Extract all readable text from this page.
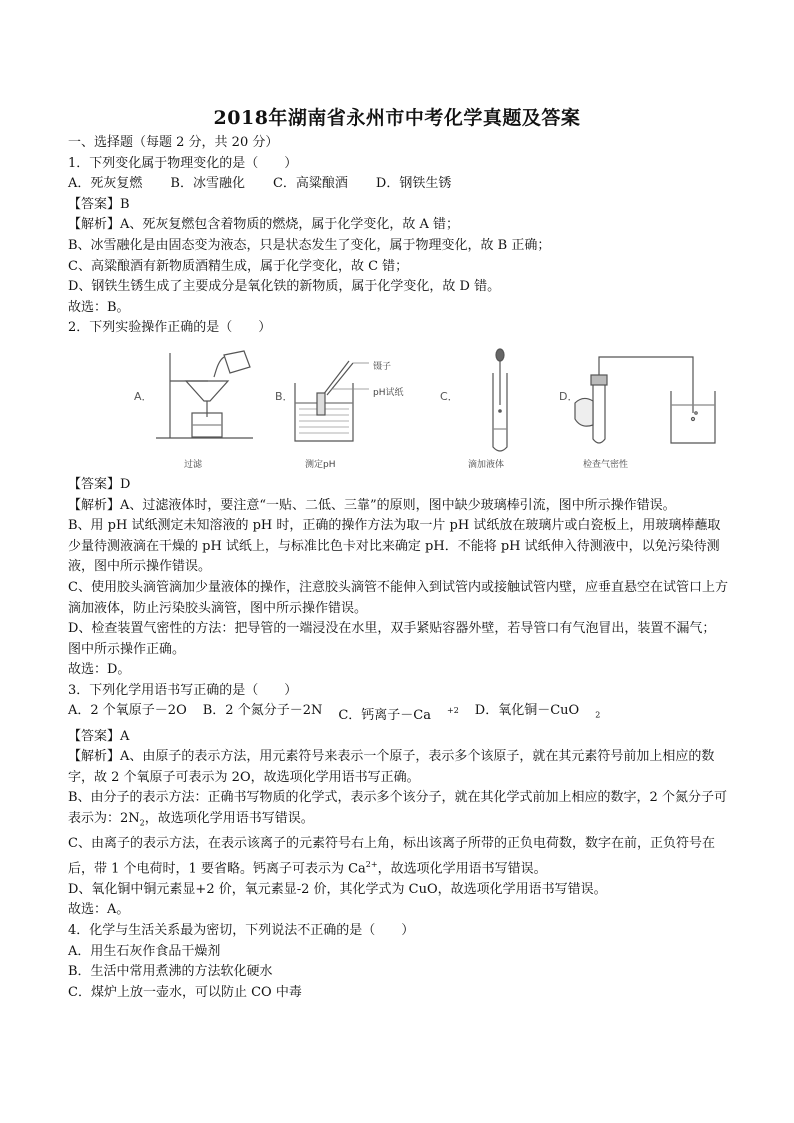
2018年湖南省永州市中考化学真题及答案

一、选择题（每题 2 分，共 20 分）

1．下列变化属于物理变化的是（　　）

A．死灰复燃 B．冰雪融化 C．高粱酿酒 D．钢铁生锈

【答案】B

【解析】A、死灰复燃包含着物质的燃烧，属于化学变化，故 A 错；

B、冰雪融化是由固态变为液态，只是状态发生了变化，属于物理变化，故 B 正确；

C、高粱酿酒有新物质酒精生成，属于化学变化，故 C 错；

D、钢铁生锈生成了主要成分是氧化铁的新物质，属于化学变化，故 D 错。

故选：B。

2．下列实验操作正确的是（　　）

A．
过滤
B．
镊子
pH试纸
测定pH
C．
滴加液体
D．
检查气密性

【答案】D

【解析】A、过滤液体时，要注意“一贴、二低、三靠”的原则，图中缺少玻璃棒引流，图中所示操作错误。

B、用 pH 试纸测定未知溶液的 pH 时，正确的操作方法为取一片 pH 试纸放在玻璃片或白瓷板上，用玻璃棒蘸取少量待测液滴在干燥的 pH 试纸上，与标准比色卡对比来确定 pH．不能将 pH 试纸伸入待测液中，以免污染待测液，图中所示操作错误。

C、使用胶头滴管滴加少量液体的操作，注意胶头滴管不能伸入到试管内或接触试管内壁，应垂直悬空在试管口上方滴加液体，防止污染胶头滴管，图中所示操作错误。

D、检查装置气密性的方法：把导管的一端浸没在水里，双手紧贴容器外壁，若导管口有气泡冒出，装置不漏气；图中所示操作正确。

故选：D。

3．下列化学用语书写正确的是（　　）

A．2 个氧原子－2O B．2 个氮分子－2N C．钙离子－Ca $^{+2}$ D．氧化铜－CuO $_2$

【答案】A

【解析】A、由原子的表示方法，用元素符号来表示一个原子，表示多个该原子，就在其元素符号前加上相应的数字，故 2 个氧原子可表示为 2O，故选项化学用语书写正确。

B、由分子的表示方法：正确书写物质的化学式，表示多个该分子，就在其化学式前加上相应的数字，2 个氮分子可表示为：$2N_2$，故选项化学用语书写错误。

C、由离子的表示方法，在表示该离子的元素符号右上角，标出该离子所带的正负电荷数，数字在前，正负符号在后，带 1 个电荷时，1 要省略。钙离子可表示为 $Ca^{2+}$，故选项化学用语书写错误。

D、氧化铜中铜元素显+2 价，氧元素显-2 价，其化学式为 CuO，故选项化学用语书写错误。

故选：A。

4．化学与生活关系最为密切，下列说法不正确的是（　　）

A．用生石灰作食品干燥剂

B．生活中常用煮沸的方法软化硬水

C．煤炉上放一壶水，可以防止 CO 中毒
